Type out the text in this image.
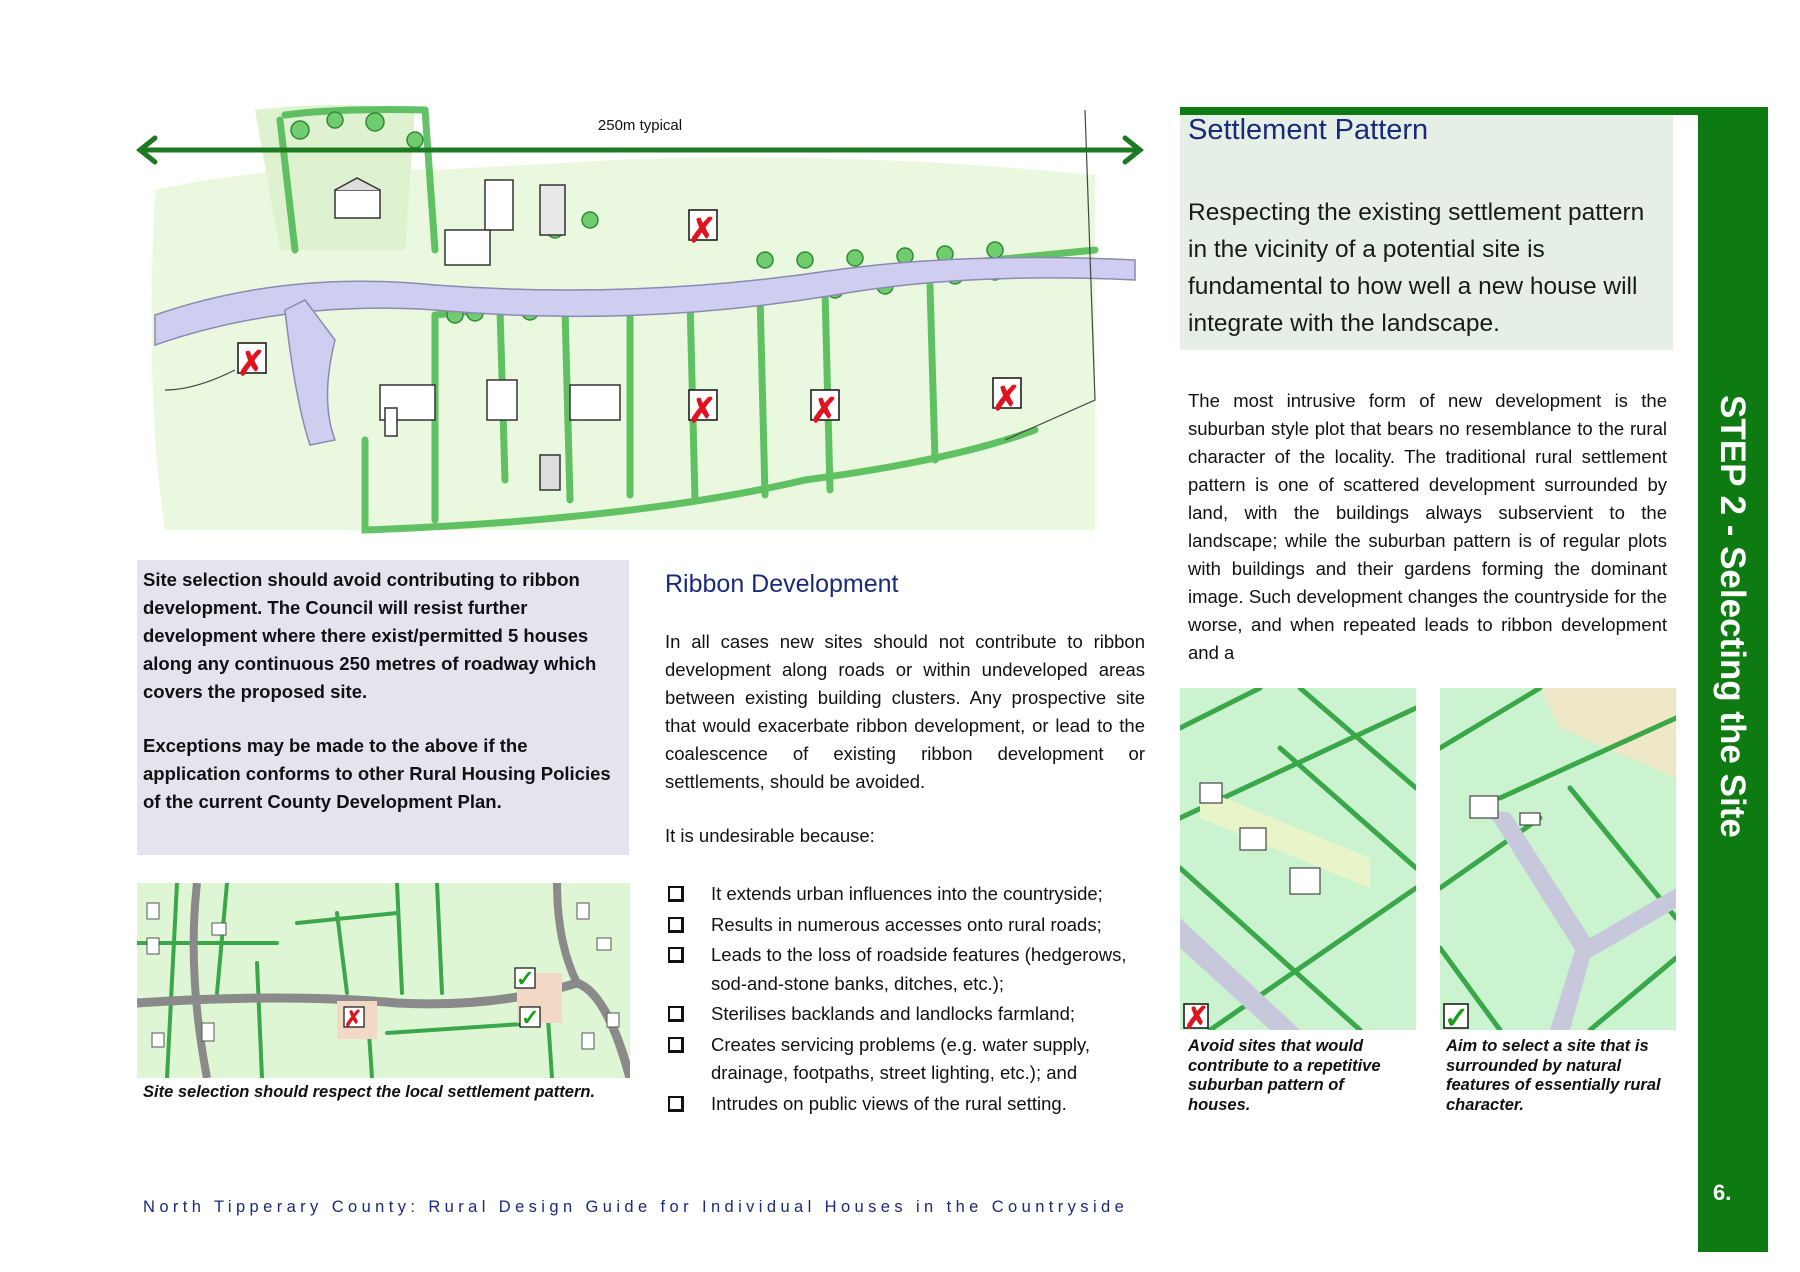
STEP 2 - Selecting the Site
6.
250m typical
✗
✗
✗	✗	✗
Settlement Pattern
Respecting the existing settlement pattern in the vicinity of a potential site is fundamental to how well a new house will integrate with the landscape.
The most intrusive form of new development is the suburban style plot that bears no resemblance to the rural character of the locality. The traditional rural settlement pattern is one of scattered development surrounded by land, with the buildings always subservient to the landscape; while the suburban pattern is of regular plots with buildings and their gardens forming the dominant image. Such development changes the countryside for the worse, and when repeated leads to ribbon development and a
✗	✓
Avoid sites that would contribute to a repetitive suburban pattern of houses.
Aim to select a site that is surrounded by natural features of essentially rural character.
Site selection should avoid contributing to ribbon development. The Council will resist further development where there exist/permitted 5 houses along any continuous 250 metres of roadway which covers the proposed site.
Exceptions may be made to the above if the application conforms to other Rural Housing Policies of the current County Development Plan.
✗
✓
✓
Site selection should respect the local settlement pattern.
Ribbon Development
In all cases new sites should not contribute to ribbon development along roads or within undeveloped areas between existing building clusters. Any prospective site that would exacerbate ribbon development, or lead to the coalescence of existing ribbon development or settlements, should be avoided.
It is undesirable because:
It extends urban influences into the countryside;
Results in numerous accesses onto rural roads;
Leads to the loss of roadside features (hedgerows, sod-and-stone banks, ditches, etc.);
Sterilises backlands and landlocks farmland;
Creates servicing problems (e.g. water supply, drainage, footpaths, street lighting, etc.); and
Intrudes on public views of the rural setting.
North Tipperary County: Rural Design Guide for Individual Houses in the Countryside
